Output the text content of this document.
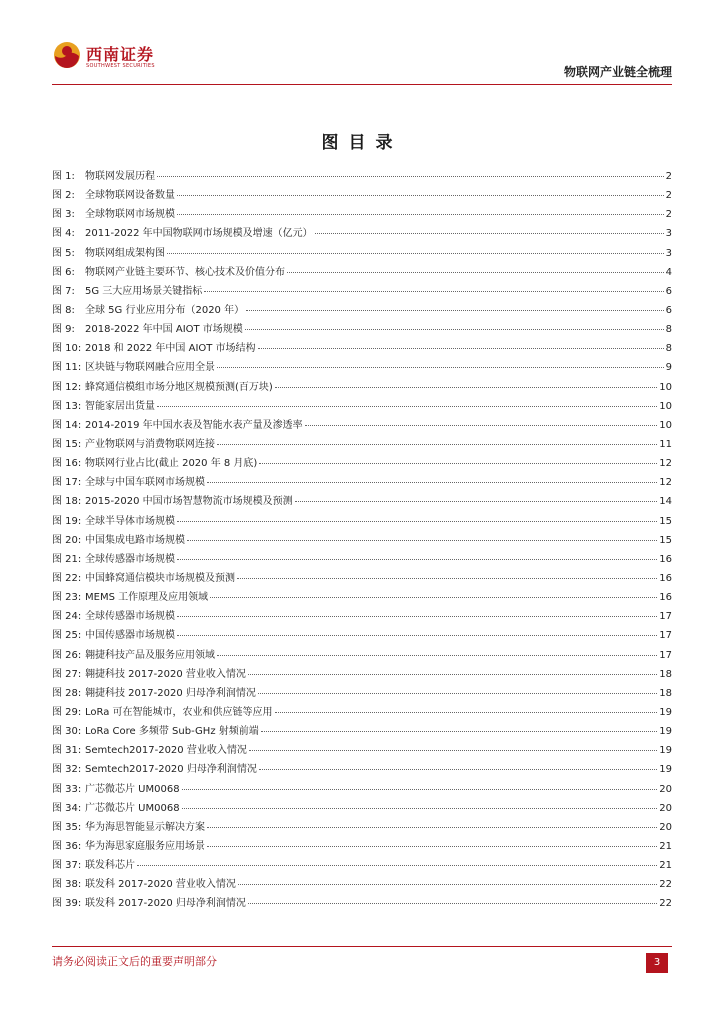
西南证券
SOUTHWEST SECURITIES	物联网产业链全梳理
图目录
图 1:	物联网发展历程	2
图 2:	全球物联网设备数量	2
图 3:	全球物联网市场规模	2
图 4:	2011-2022 年中国物联网市场规模及增速（亿元）	3
图 5:	物联网组成架构图	3
图 6:	物联网产业链主要环节、核心技术及价值分布	4
图 7:	5G 三大应用场景关键指标	6
图 8:	全球 5G 行业应用分布（2020 年）	6
图 9:	2018-2022 年中国 AIOT 市场规模	8
图 10: 2018 和 2022 年中国 AIOT 市场结构	8
图 11: 区块链与物联网融合应用全景	9
图 12: 蜂窝通信模组市场分地区规模预测(百万块)	10
图 13: 智能家居出货量	10
图 14: 2014-2019 年中国水表及智能水表产量及渗透率	10
图 15: 产业物联网与消费物联网连接	11
图 16: 物联网行业占比(截止 2020 年 8 月底)	12
图 17: 全球与中国车联网市场规模	12
图 18: 2015-2020 中国市场智慧物流市场规模及预测	14
图 19: 全球半导体市场规模	15
图 20: 中国集成电路市场规模	15
图 21: 全球传感器市场规模	16
图 22: 中国蜂窝通信模块市场规模及预测	16
图 23: MEMS 工作原理及应用领域	16
图 24: 全球传感器市场规模	17
图 25: 中国传感器市场规模	17
图 26: 翱捷科技产品及服务应用领域	17
图 27: 翱捷科技 2017-2020 营业收入情况	18
图 28: 翱捷科技 2017-2020 归母净利润情况	18
图 29: LoRa 可在智能城市，农业和供应链等应用	19
图 30: LoRa Core 多频带 Sub-GHz 射频前端	19
图 31: Semtech2017-2020 营业收入情况	19
图 32: Semtech2017-2020 归母净利润情况	19
图 33: 广芯微芯片 UM0068	20
图 34: 广芯微芯片 UM0068	20
图 35: 华为海思智能显示解决方案	20
图 36: 华为海思家庭服务应用场景	21
图 37: 联发科芯片	21
图 38: 联发科 2017-2020 营业收入情况	22
图 39: 联发科 2017-2020 归母净利润情况	22
请务必阅读正文后的重要声明部分	3
